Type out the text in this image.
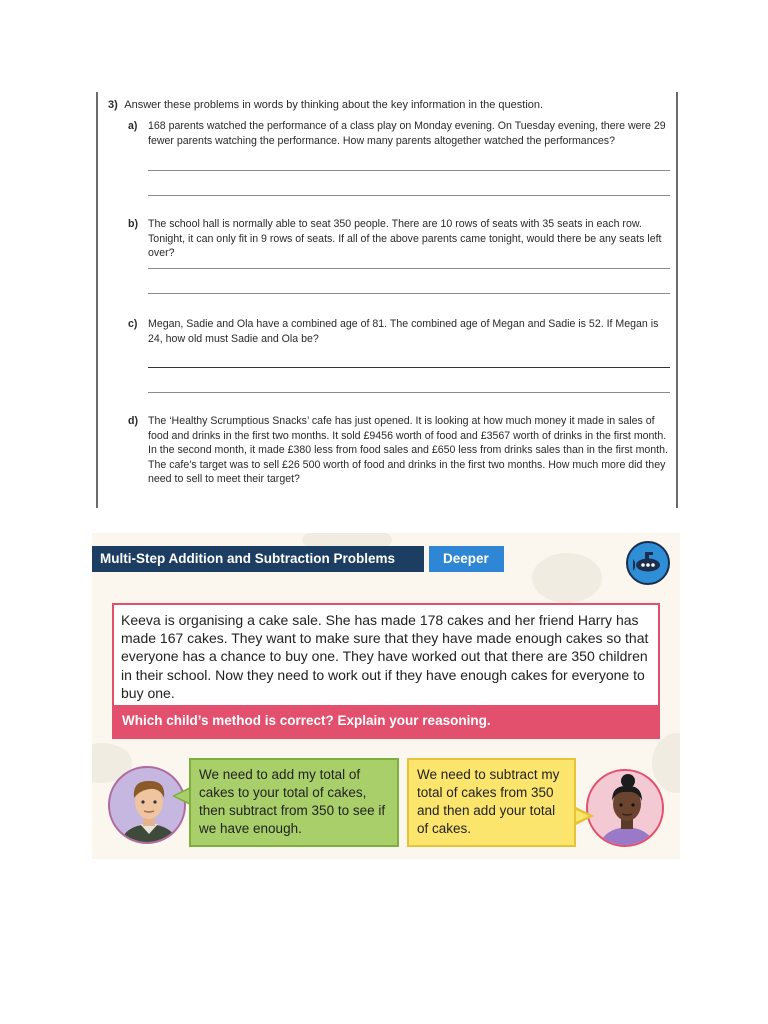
3) Answer these problems in words by thinking about the key information in the question.
a) 168 parents watched the performance of a class play on Monday evening. On Tuesday evening, there were 29 fewer parents watching the performance. How many parents altogether watched the performances?
b) The school hall is normally able to seat 350 people. There are 10 rows of seats with 35 seats in each row. Tonight, it can only fit in 9 rows of seats. If all of the above parents came tonight, would there be any seats left over?
c) Megan, Sadie and Ola have a combined age of 81. The combined age of Megan and Sadie is 52. If Megan is 24, how old must Sadie and Ola be?
d) The ‘Healthy Scrumptious Snacks’ cafe has just opened. It is looking at how much money it made in sales of food and drinks in the first two months. It sold £9456 worth of food and £3567 worth of drinks in the first month. In the second month, it made £380 less from food sales and £650 less from drinks sales than in the first month. The cafe’s target was to sell £26 500 worth of food and drinks in the first two months. How much more did they need to sell to meet their target?
Multi-Step Addition and Subtraction Problems	Deeper
Keeva is organising a cake sale. She has made 178 cakes and her friend Harry has made 167 cakes. They want to make sure that they have made enough cakes so that everyone has a chance to buy one. They have worked out that there are 350 children in their school. Now they need to work out if they have enough cakes for everyone to buy one.
Which child’s method is correct? Explain your reasoning.
We need to add my total of cakes to your total of cakes, then subtract from 350 to see if we have enough.
We need to subtract my total of cakes from 350 and then add your total of cakes.
